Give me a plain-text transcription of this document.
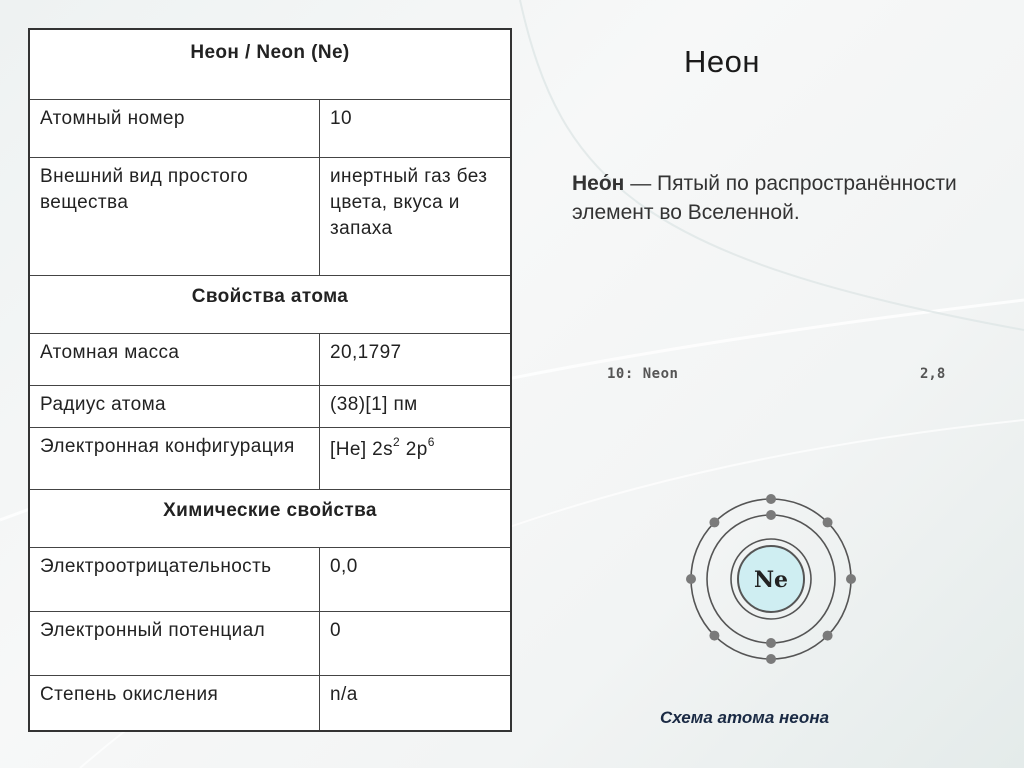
Неон / Neon (Ne)	
Атомный номер	10
Внешний вид простого вещества	инертный газ без цвета, вкуса и запаха
Свойства атома	
Атомная масса	20,1797
Радиус атома	(38)[1] пм
Электронная конфигурация	[He] $2s^2$ $2p^6$
Химические свойства	
Электроотрицательность	0,0
Электронный потенциал	0
Степень окисления	n/a
Неон
Нео́н — Пятый по распространённости элемент во Вселенной.
10: Neon	2,8
Ne
Схема атома неона
